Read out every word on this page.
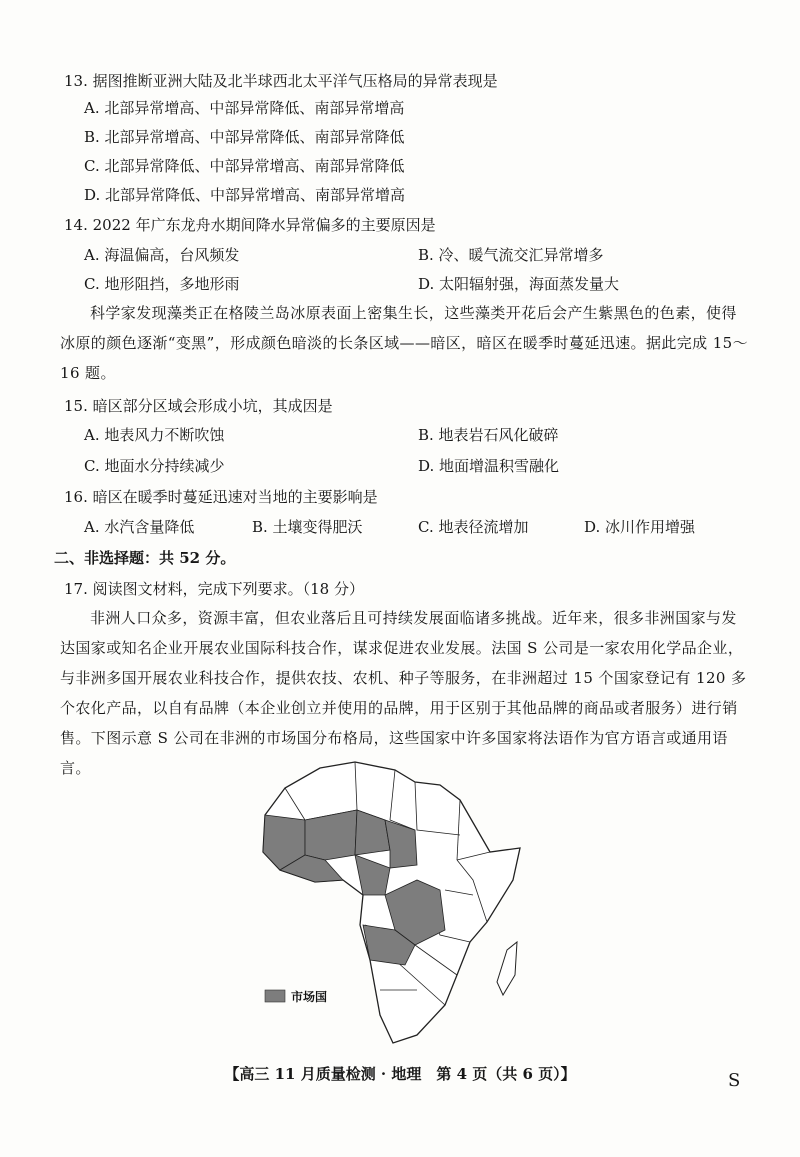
13. 据图推断亚洲大陆及北半球西北太平洋气压格局的异常表现是
A. 北部异常增高、中部异常降低、南部异常增高
B. 北部异常增高、中部异常降低、南部异常降低
C. 北部异常降低、中部异常增高、南部异常降低
D. 北部异常降低、中部异常增高、南部异常增高
14. 2022 年广东龙舟水期间降水异常偏多的主要原因是
A. 海温偏高，台风频发	B. 冷、暖气流交汇异常增多
C. 地形阻挡，多地形雨	D. 太阳辐射强，海面蒸发量大
科学家发现藻类正在格陵兰岛冰原表面上密集生长，这些藻类开花后会产生紫黑色的色素，使得冰原的颜色逐渐“变黑”，形成颜色暗淡的长条区域——暗区，暗区在暖季时蔓延迅速。据此完成 15～16 题。
15. 暗区部分区域会形成小坑，其成因是
A. 地表风力不断吹蚀	B. 地表岩石风化破碎
C. 地面水分持续减少	D. 地面增温积雪融化
16. 暗区在暖季时蔓延迅速对当地的主要影响是
A. 水汽含量降低	B. 土壤变得肥沃	C. 地表径流增加	D. 冰川作用增强
二、非选择题：共 52 分。
17. 阅读图文材料，完成下列要求。（18 分）
非洲人口众多，资源丰富，但农业落后且可持续发展面临诸多挑战。近年来，很多非洲国家与发达国家或知名企业开展农业国际科技合作，谋求促进农业发展。法国 S 公司是一家农用化学品企业，与非洲多国开展农业科技合作，提供农技、农机、种子等服务，在非洲超过 15 个国家登记有 120 多个农化产品，以自有品牌（本企业创立并使用的品牌，用于区别于其他品牌的商品或者服务）进行销售。下图示意 S 公司在非洲的市场国分布格局，这些国家中许多国家将法语作为官方语言或通用语言。
市场国
【高三 11 月质量检测 · 地理　第 4 页（共 6 页）】	S
